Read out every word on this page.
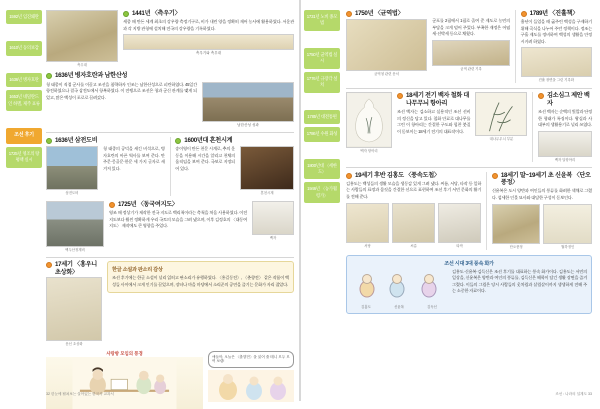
1592년 임진왜란
1610년 동의보감
1636년 병자호란
1653년 네덜란드인 하멜, 제주 표류
조선 후기
1725년 영조의 탕평책 실시
측우대
1441년 〈측우기〉
세종 때 만든 세계 최초의 강우량 측정기구로, 비가 내린 양을 정확히 재어 농사에 활용하였다. 서운관과 각 지방 관청에 설치해 전국의 강우량을 기록하였다.
측우기와 측우대
1636년 병자호란과 남한산성
청 태종이 직접 군사를 이끌고 조선을 침략하자 인조는 남한산성으로 피란하였다. 45일간 항전하였으나 결국 삼전도에서 항복하였다. 이 전쟁으로 조선은 청과 군신 관계를 맺게 되었고, 많은 백성이 포로로 끌려갔다.
남한산성 성곽
1636년 삼전도비
삼전도비
청 태종의 공덕을 새긴 비석으로, 병자호란의 아픈 역사를 보여 준다. 만주문·몽골문·한문 세 가지 글자로 새겨져 있다.
1600년대 혼천시계
송이영이 만든 천문 시계로, 추의 운동을 이용해 시간을 알리고 천체의 움직임을 보여 준다. 국보로 지정되어 있다.
혼천시계
백두산정계비
1725년 〈동국여지도〉
영조 때 정상기가 제작한 전국 지도로 백리척이라는 축척을 처음 사용하였다. 이전 지도보다 훨씬 정확하게 우리 국토의 모습을 그려 냈으며, 이후 김정호의 〈대동여지도〉 제작에도 큰 영향을 주었다.
백자
17세기 〈홍우니 초상화〉
문신 초상화
한글 소설과 판소리 감상
조선 후기에는 한글 소설이 널리 읽히고 판소리가 유행하였다. 〈홍길동전〉, 〈춘향전〉 같은 작품이 백성들 사이에서 크게 인기를 끌었으며, 장터나 마을 마당에서 소리꾼의 공연을 즐기는 문화가 자리 잡았다.
사랑방 모임의 풍경
얘들아, 오늘은 〈춘향전〉을 읽어 줄 테니 모두 모여 보렴!
32 한눈에 펼쳐보는 살아있는 한국사 교과서
1731년 노비 종모법
1750년 균역법 실시
1776년 규장각 설치
1785년 대전통편
1786년 수원 화성
1800년대 〈세한도〉
1946년 〈농가월령가〉
1750년 〈균역법〉
균역청 관련 문서
군포를 2필에서 1필로 줄여 준 제도로 농민의 부담을 크게 덜어 주었다. 부족한 재정은 어염세·선박세 등으로 채웠다.
균역 관련 기록
1789년 〈진휼책〉
흉년이 들었을 때 굶주린 백성을 구제하기 위해 곡식을 나누어 주던 정책이다. 정조는 구휼 제도를 정비하여 백성의 생활을 안정시키려 하였다.
진휼 장면을 그린 기록화
백자 항아리
18세기 전기 백자 철화 대나무무늬 항아리
조선 백자는 검소하고 실용적인 조선 선비의 정신을 담고 있다. 철화 안료로 대나무를 그린 이 항아리는 간결한 구도와 힘찬 붓질이 돋보이는 18세기 전기의 대표작이다.
대나무무늬 부분
김소심그 제안 백자
조선 백자는 순백의 빛깔과 단정한 형태가 특징이다. 왕실과 사대부의 생활용기로 널리 쓰였다.
백자 달항아리
19세기 후반 김홍도 〈풍속도첩〉
김홍도는 백성들의 생활 모습을 생동감 있게 그려 냈다. 씨름, 서당, 타작 등 일하는 사람들의 표정과 몸짓을 간결한 선으로 표현하여 조선 후기 서민 문화의 활기를 전해 준다.
서당	씨름	타작
18세기 말~19세기 초 신윤복 〈단오풍정〉
신윤복은 도시 양반과 여인들의 풍류를 화려한 색채로 그렸다. 섬세한 인물 묘사와 대담한 구성이 돋보인다.
단오풍정	월하정인
조선 시대 3대 풍속 화가
김홍도	신윤복	김득신
김홍도·신윤복·김득신은 조선 후기를 대표하는 풍속 화가이다. 김홍도는 서민의 일상을, 신윤복은 양반과 여인의 풍류를, 김득신은 해학이 담긴 생활 장면을 즐겨 그렸다. 이들의 그림은 당시 사람들의 옷차림과 살림살이까지 생생하게 전해 주는 소중한 자료이다.
조선 : 나라의 설계도 33
